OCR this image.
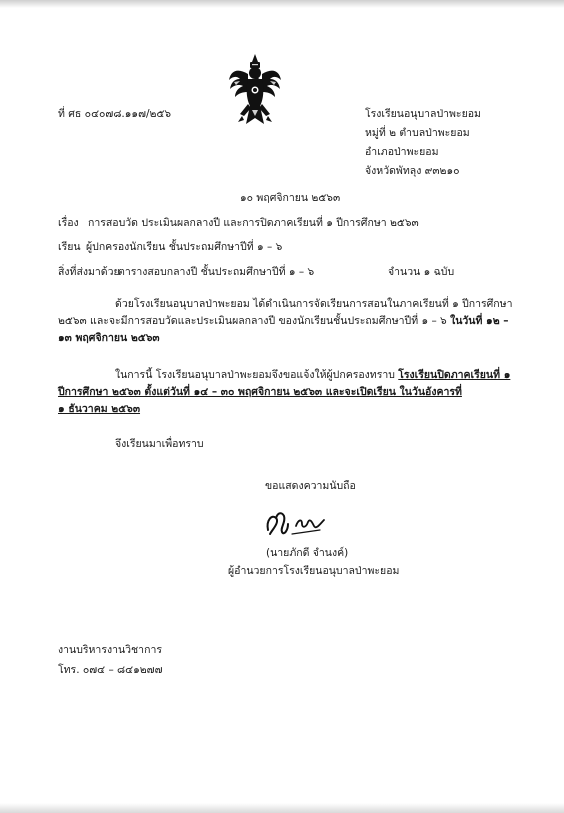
ที่ ศธ ๐๔๐๗๘.๑๑๗/๒๕๖	โรงเรียนอนุบาลป่าพะยอม
หมู่ที่ ๒ ตำบลป่าพะยอม
อำเภอป่าพะยอม
จังหวัดพัทลุง ๙๓๒๑๐
๑๐ พฤศจิกายน ๒๕๖๓
เรื่อง การสอบวัด ประเมินผลกลางปี และการปิดภาคเรียนที่ ๑ ปีการศึกษา ๒๕๖๓
เรียน ผู้ปกครองนักเรียน ชั้นประถมศึกษาปีที่ ๑ – ๖
สิ่งที่ส่งมาด้วย
ตารางสอบกลางปี ชั้นประถมศึกษาปีที่ ๑ – ๖	จำนวน ๑ ฉบับ
ด้วยโรงเรียนอนุบาลป่าพะยอม ได้ดำเนินการจัดเรียนการสอนในภาคเรียนที่ ๑ ปีการศึกษา
๒๕๖๓ และจะมีการสอบวัดและประเมินผลกลางปี ของนักเรียนชั้นประถมศึกษาปีที่ ๑ – ๖ ในวันที่ ๑๒ –
๑๓ พฤศจิกายน ๒๕๖๓
ในการนี้ โรงเรียนอนุบาลป่าพะยอมจึงขอแจ้งให้ผู้ปกครองทราบ โรงเรียนปิดภาคเรียนที่ ๑
ปีการศึกษา ๒๕๖๓ ตั้งแต่วันที่ ๑๔ – ๓๐ พฤศจิกายน ๒๕๖๓ และจะเปิดเรียน ในวันอังคารที่
๑ ธันวาคม ๒๕๖๓
จึงเรียนมาเพื่อทราบ
ขอแสดงความนับถือ
(นายภักดี จำนงค์)
ผู้อำนวยการโรงเรียนอนุบาลป่าพะยอม
งานบริหารงานวิชาการ
โทร. ๐๗๔ – ๘๔๑๒๗๗
